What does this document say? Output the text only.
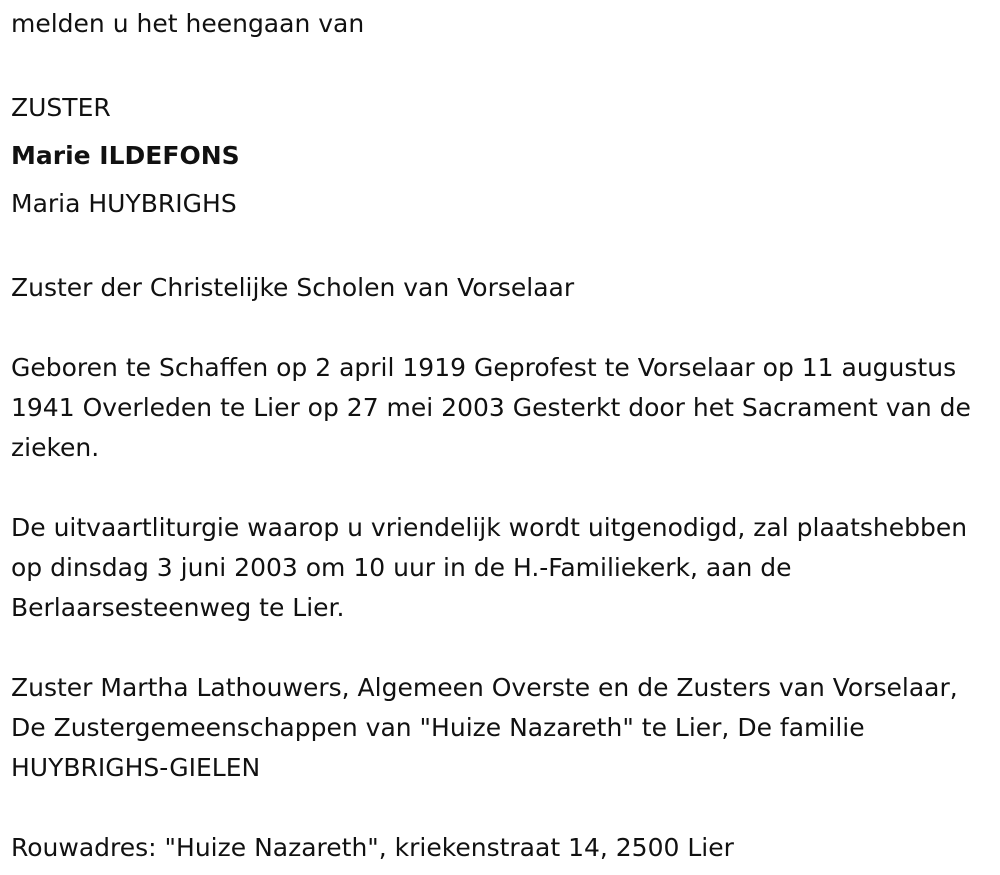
melden u het heengaan van

ZUSTER

Marie ILDEFONS

Maria HUYBRIGHS

Zuster der Christelijke Scholen van Vorselaar

Geboren te Schaffen op 2 april 1919 Geprofest te Vorselaar op 11 augustus 1941 Overleden te Lier op 27 mei 2003 Gesterkt door het Sacrament van de zieken.

De uitvaartliturgie waarop u vriendelijk wordt uitgenodigd, zal plaatshebben op dinsdag 3 juni 2003 om 10 uur in de H.-Familiekerk, aan de Berlaarsesteenweg te Lier.

Zuster Martha Lathouwers, Algemeen Overste en de Zusters van Vorselaar, De Zustergemeenschappen van "Huize Nazareth" te Lier, De familie HUYBRIGHS-GIELEN

Rouwadres: "Huize Nazareth", kriekenstraat 14, 2500 Lier
